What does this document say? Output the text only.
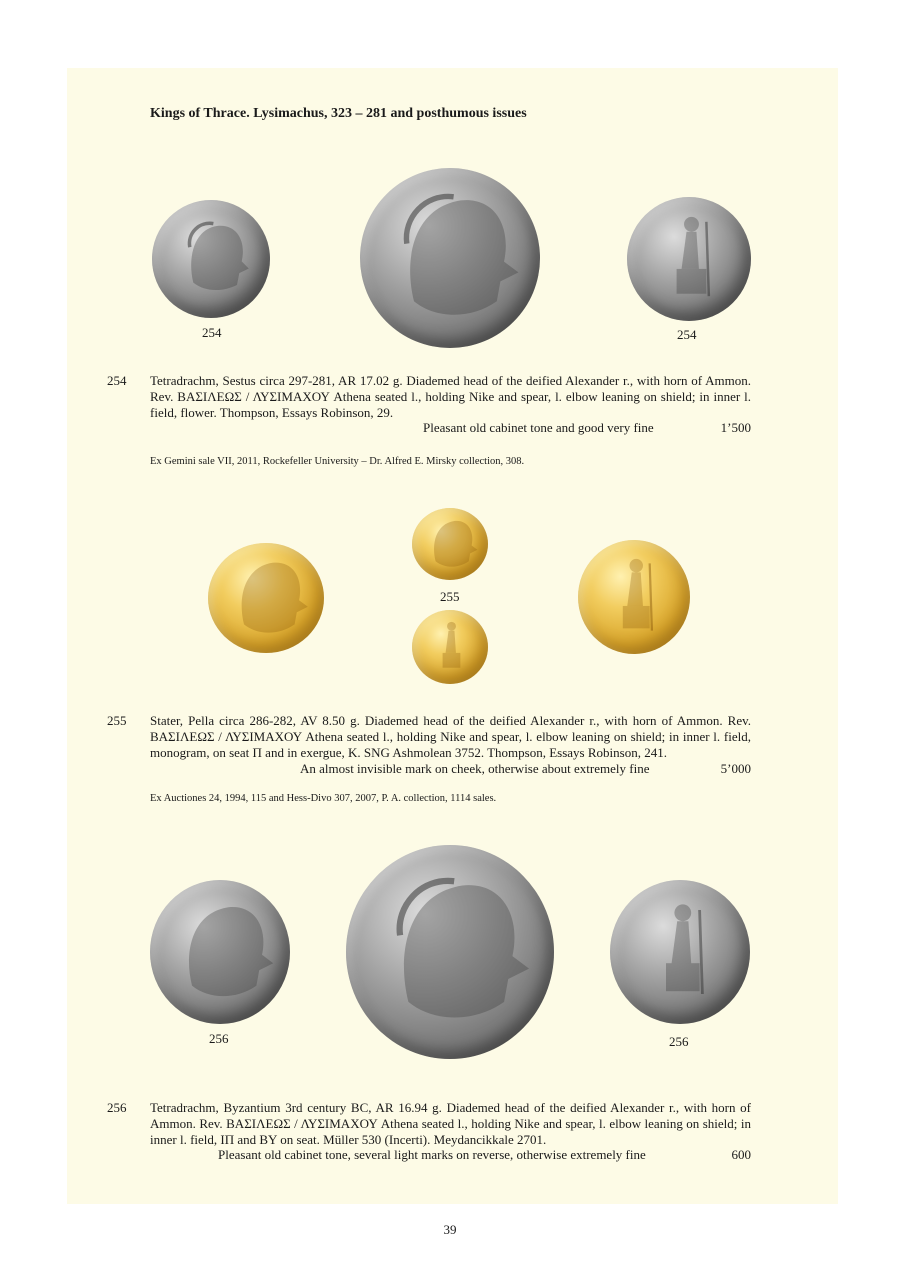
Kings of Thrace. Lysimachus, 323 – 281 and posthumous issues
254	254
254 Tetradrachm, Sestus circa 297-281, AR 17.02 g. Diademed head of the deified Alexander r., with horn of Ammon. Rev. ΒΑΣΙΛΕΩΣ / ΛΥΣΙΜΑΧΟΥ Athena seated l., holding Nike and spear, l. elbow leaning on shield; in inner l. field, flower. Thompson, Essays Robinson, 29.
Pleasant old cabinet tone and good very fine	1’500
Ex Gemini sale VII, 2011, Rockefeller University – Dr. Alfred E. Mirsky collection, 308.
255
255 Stater, Pella circa 286-282, AV 8.50 g. Diademed head of the deified Alexander r., with horn of Ammon. Rev. ΒΑΣΙΛΕΩΣ / ΛΥΣΙΜΑΧΟΥ Athena seated l., holding Nike and spear, l. elbow leaning on shield; in inner l. field, monogram, on seat Π and in exergue, K. SNG Ashmolean 3752. Thompson, Essays Robinson, 241.
An almost invisible mark on cheek, otherwise about extremely fine	5’000
Ex Auctiones 24, 1994, 115 and Hess-Divo 307, 2007, P. A. collection, 1114 sales.
256	256
256 Tetradrachm, Byzantium 3rd century BC, AR 16.94 g. Diademed head of the deified Alexander r., with horn of Ammon. Rev. ΒΑΣΙΛΕΩΣ / ΛΥΣΙΜΑΧΟΥ Athena seated l., holding Nike and spear, l. elbow leaning on shield; in inner l. field, IΠ and BY on seat. Müller 530 (Incerti). Meydancikkale 2701.
Pleasant old cabinet tone, several light marks on reverse, otherwise extremely fine	600
39
